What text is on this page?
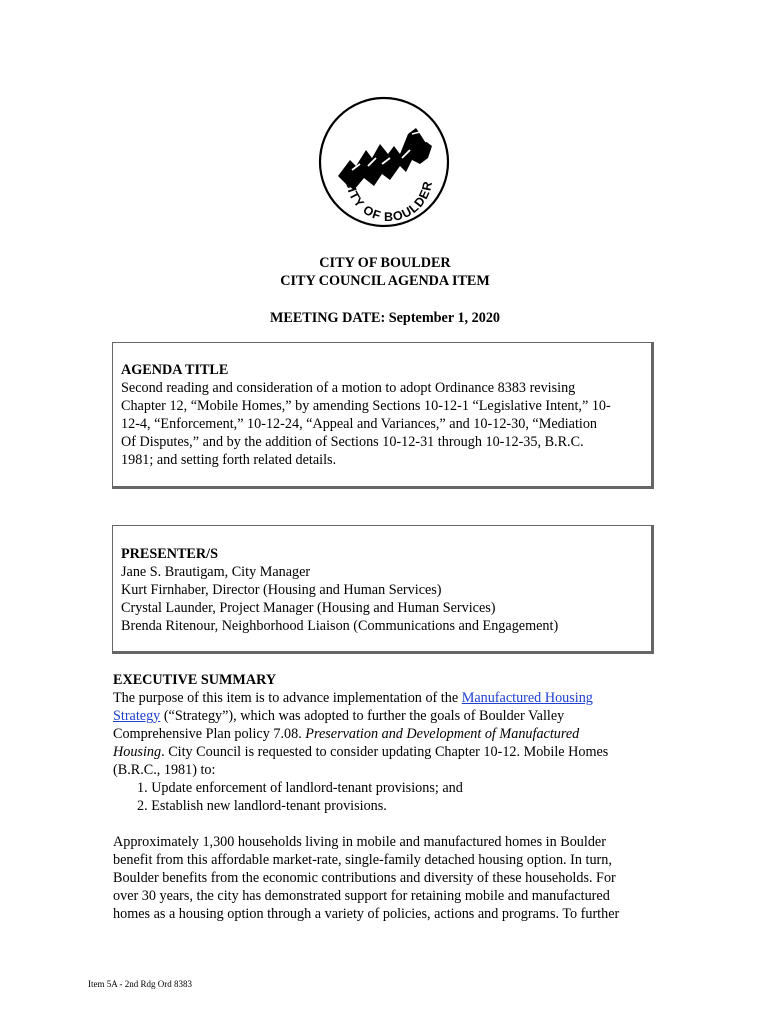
CITY OF BOULDER
CITY OF BOULDER
CITY COUNCIL AGENDA ITEM
MEETING DATE: September 1, 2020
AGENDA TITLE
Second reading and consideration of a motion to adopt Ordinance 8383 revising
Chapter 12, “Mobile Homes,” by amending Sections 10-12-1 “Legislative Intent,” 10-
12-4, “Enforcement,” 10-12-24, “Appeal and Variances,” and 10-12-30, “Mediation
Of Disputes,” and by the addition of Sections 10-12-31 through 10-12-35, B.R.C.
1981; and setting forth related details.
PRESENTER/S
Jane S. Brautigam, City Manager
Kurt Firnhaber, Director (Housing and Human Services)
Crystal Launder, Project Manager (Housing and Human Services)
Brenda Ritenour, Neighborhood Liaison (Communications and Engagement)
EXECUTIVE SUMMARY
The purpose of this item is to advance implementation of the Manufactured Housing
Strategy (“Strategy”), which was adopted to further the goals of Boulder Valley
Comprehensive Plan policy 7.08. Preservation and Development of Manufactured
Housing. City Council is requested to consider updating Chapter 10-12. Mobile Homes
(B.R.C., 1981) to:
1. Update enforcement of landlord-tenant provisions; and
2. Establish new landlord-tenant provisions.
Approximately 1,300 households living in mobile and manufactured homes in Boulder
benefit from this affordable market-rate, single-family detached housing option. In turn,
Boulder benefits from the economic contributions and diversity of these households. For
over 30 years, the city has demonstrated support for retaining mobile and manufactured
homes as a housing option through a variety of policies, actions and programs. To further
Item 5A - 2nd Rdg Ord 8383
